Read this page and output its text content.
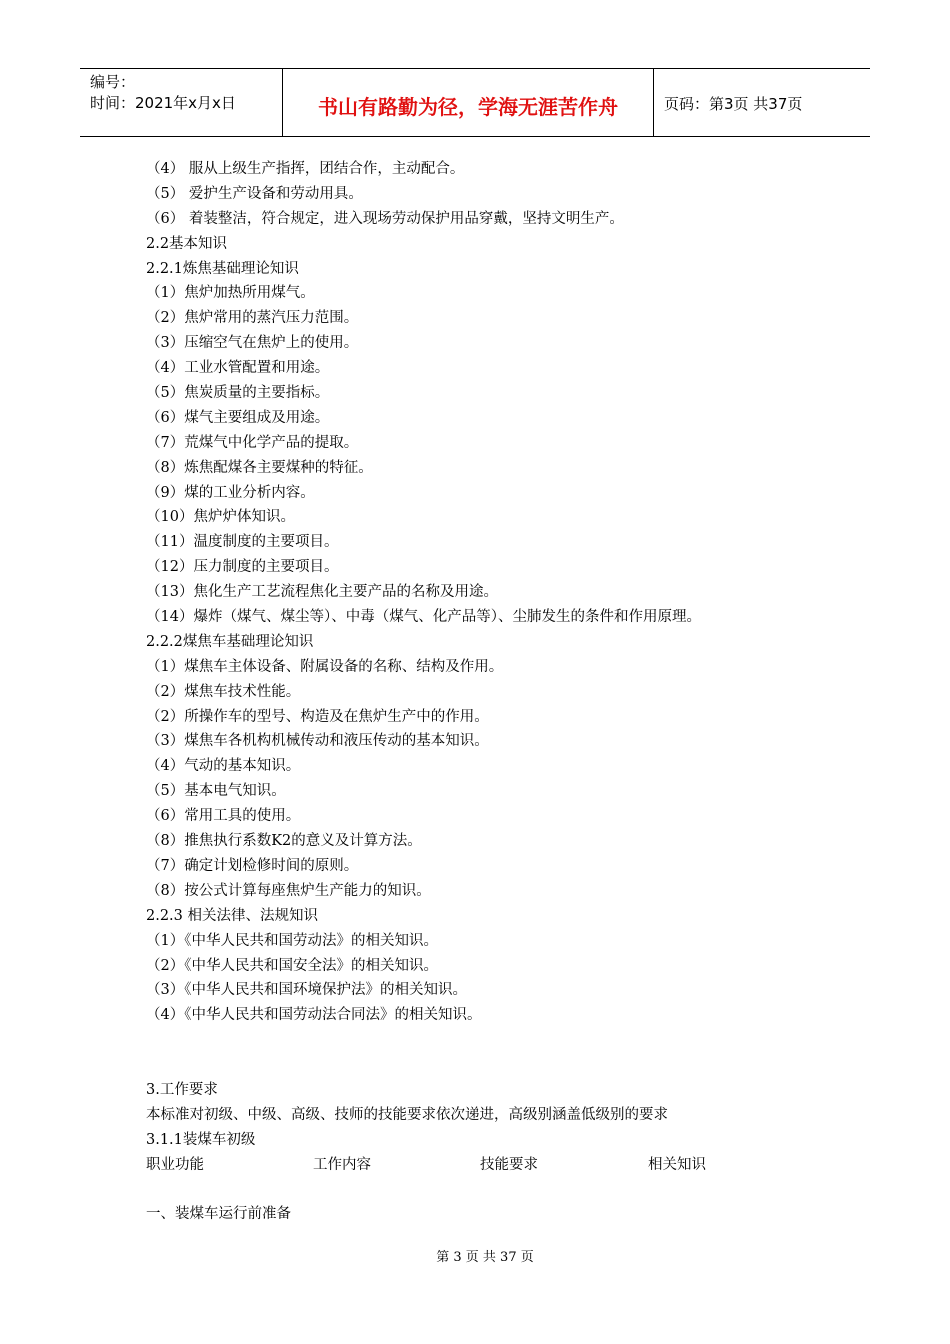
编号：
时间：2021年x月x日	书山有路勤为径，学海无涯苦作舟	页码：第3页 共37页
（4） 服从上级生产指挥，团结合作，主动配合。
（5） 爱护生产设备和劳动用具。
（6） 着装整洁，符合规定，进入现场劳动保护用品穿戴，坚持文明生产。
2.2基本知识
2.2.1炼焦基础理论知识
（1）焦炉加热所用煤气。
（2）焦炉常用的蒸汽压力范围。
（3）压缩空气在焦炉上的使用。
（4）工业水管配置和用途。
（5）焦炭质量的主要指标。
（6）煤气主要组成及用途。
（7）荒煤气中化学产品的提取。
（8）炼焦配煤各主要煤种的特征。
（9）煤的工业分析内容。
（10）焦炉炉体知识。
（11）温度制度的主要项目。
（12）压力制度的主要项目。
（13）焦化生产工艺流程焦化主要产品的名称及用途。
（14）爆炸（煤气、煤尘等）、中毒（煤气、化产品等）、尘肺发生的条件和作用原理。
2.2.2煤焦车基础理论知识
（1）煤焦车主体设备、附属设备的名称、结构及作用。
（2）煤焦车技术性能。
（2）所操作车的型号、构造及在焦炉生产中的作用。
（3）煤焦车各机构机械传动和液压传动的基本知识。
（4）气动的基本知识。
（5）基本电气知识。
（6）常用工具的使用。
（8）推焦执行系数K2的意义及计算方法。
（7）确定计划检修时间的原则。
（8）按公式计算每座焦炉生产能力的知识。
2.2.3 相关法律、法规知识
（1）《中华人民共和国劳动法》的相关知识。
（2）《中华人民共和国安全法》的相关知识。
（3）《中华人民共和国环境保护法》的相关知识。
（4）《中华人民共和国劳动法合同法》的相关知识。
3.工作要求
本标准对初级、中级、高级、技师的技能要求依次递进，高级别涵盖低级别的要求
3.1.1装煤车初级
职业功能	工作内容	技能要求	相关知识
一、装煤车运行前准备
第 3 页 共 37 页
